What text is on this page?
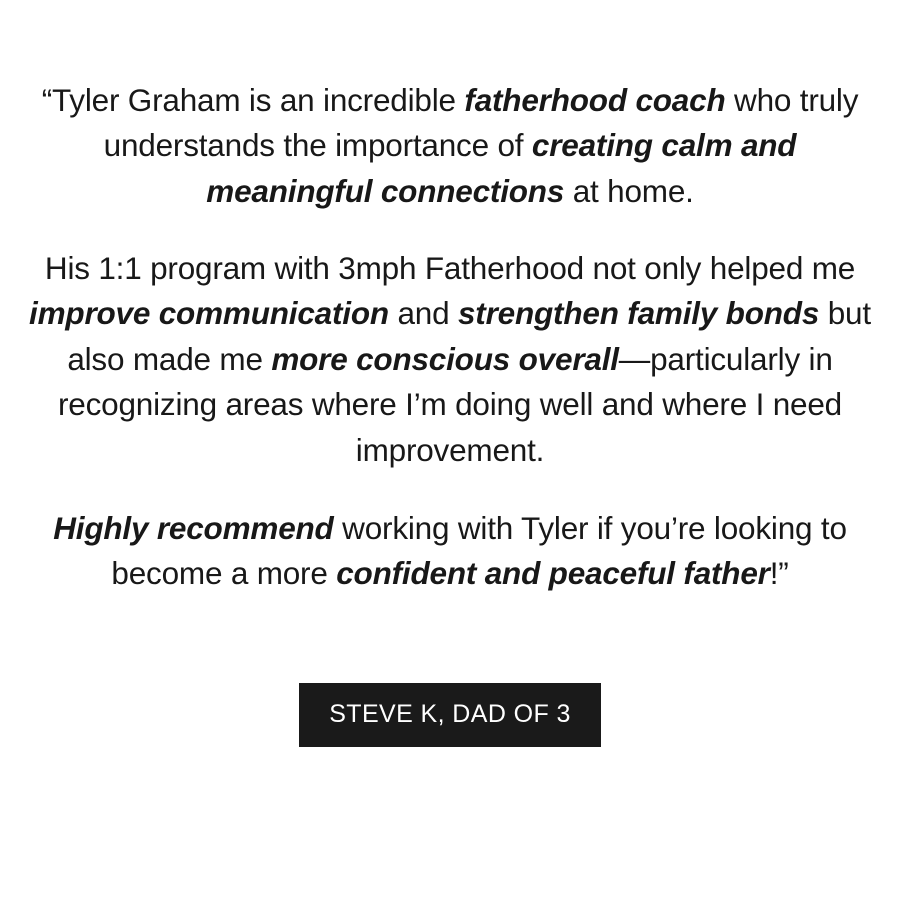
“Tyler Graham is an incredible fatherhood coach who truly understands the importance of creating calm and meaningful connections at home.

His 1:1 program with 3mph Fatherhood not only helped me improve communication and strengthen family bonds but also made me more conscious overall—particularly in recognizing areas where I’m doing well and where I need improvement.

Highly recommend working with Tyler if you’re looking to become a more confident and peaceful father!”

STEVE K, DAD OF 3
